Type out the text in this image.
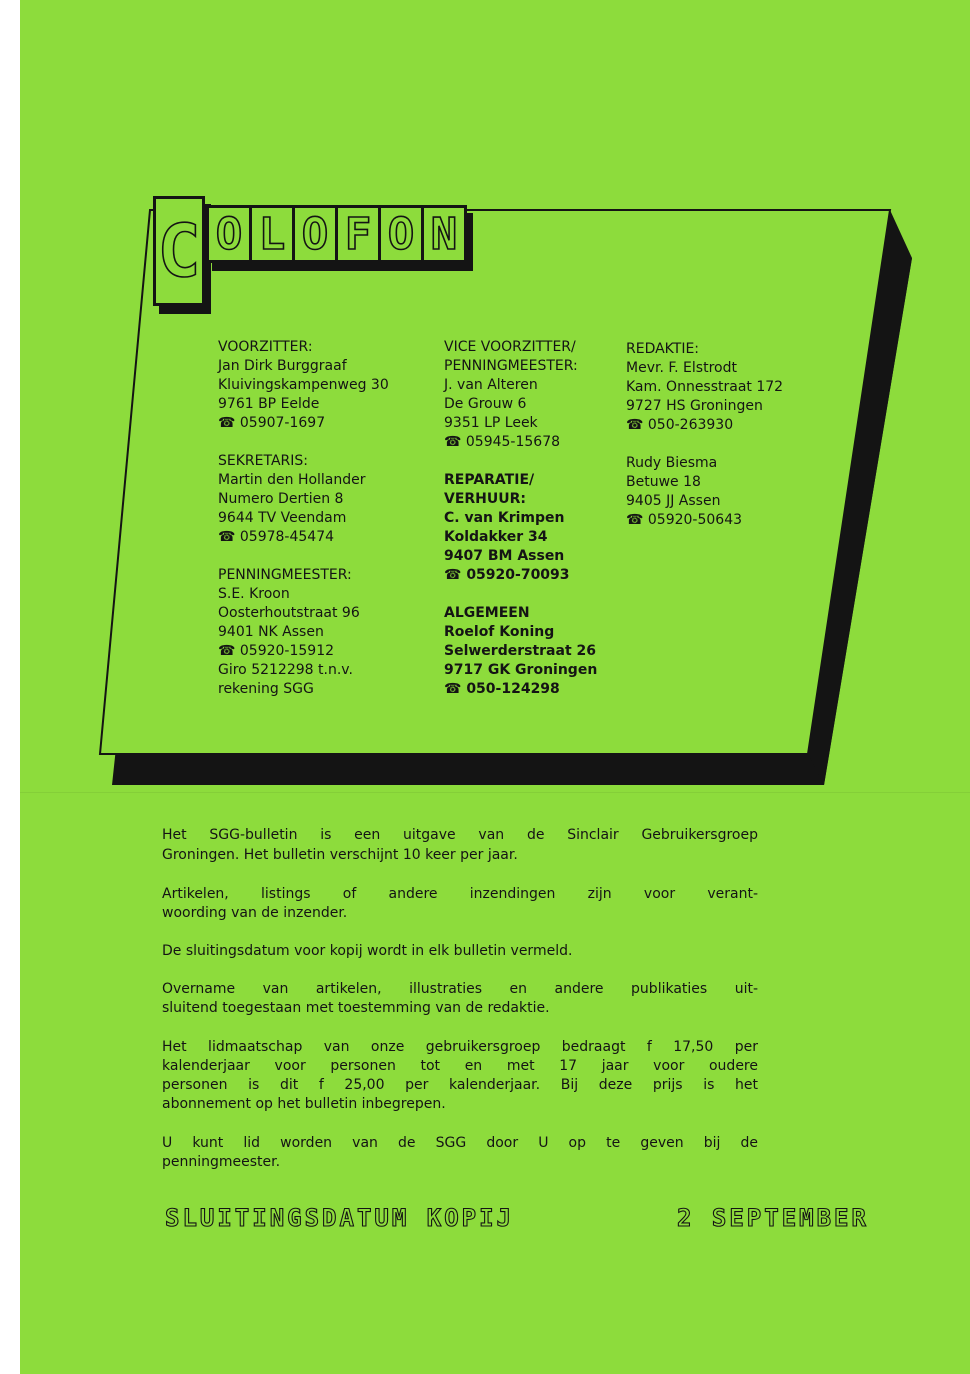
C O L O F O N
VOORZITTER:
Jan Dirk Burggraaf
Kluivingskampenweg 30
9761 BP Eelde
☎ 05907-1697
SEKRETARIS:
Martin den Hollander
Numero Dertien 8
9644 TV Veendam
☎ 05978-45474
PENNINGMEESTER:
S.E. Kroon
Oosterhoutstraat 96
9401 NK Assen
☎ 05920-15912
Giro 5212298 t.n.v.
rekening SGG
VICE VOORZITTER/
PENNINGMEESTER:
J. van Alteren
De Grouw 6
9351 LP Leek
☎ 05945-15678
REPARATIE/
VERHUUR:
C. van Krimpen
Koldakker 34
9407 BM Assen
☎ 05920-70093
ALGEMEEN
Roelof Koning
Selwerderstraat 26
9717 GK Groningen
☎ 050-124298
REDAKTIE:
Mevr. F. Elstrodt
Kam. Onnesstraat 172
9727 HS Groningen
☎ 050-263930
Rudy Biesma
Betuwe 18
9405 JJ Assen
☎ 05920-50643
Het SGG-bulletin is een uitgave van de Sinclair Gebruikersgroep
Groningen. Het bulletin verschijnt 10 keer per jaar.
Artikelen, listings of andere inzendingen zijn voor verant-
woording van de inzender.
De sluitingsdatum voor kopij wordt in elk bulletin vermeld.
Overname van artikelen, illustraties en andere publikaties uit-
sluitend toegestaan met toestemming van de redaktie.
Het lidmaatschap van onze gebruikersgroep bedraagt f 17,50 per
kalenderjaar voor personen tot en met 17 jaar voor oudere
personen is dit f 25,00 per kalenderjaar. Bij deze prijs is het
abonnement op het bulletin inbegrepen.
U kunt lid worden van de SGG door U op te geven bij de
penningmeester.
SLUITINGSDATUM KOPIJ	2 SEPTEMBER
